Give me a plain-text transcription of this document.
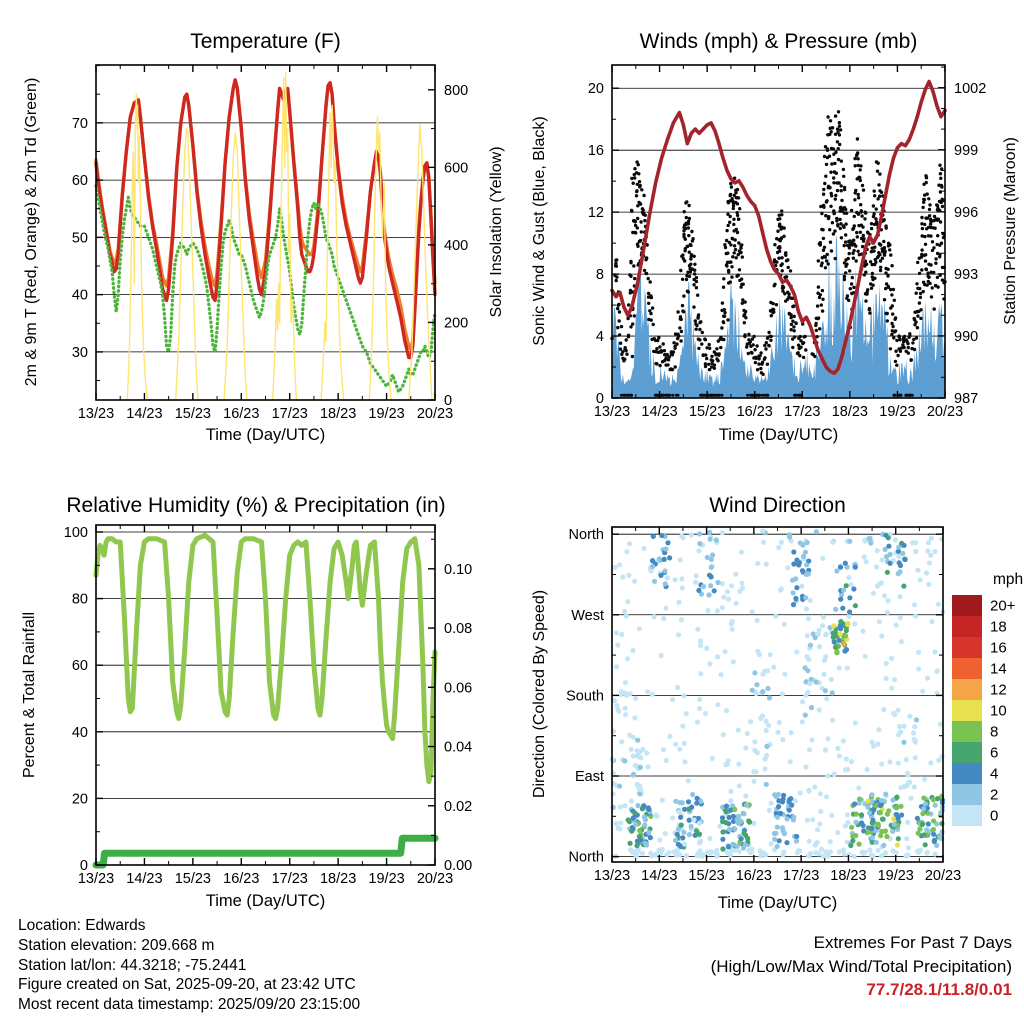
Temperature (F)
2m & 9m T (Red, Orange) & 2m Td (Green)	Solar Insolation (Yellow)
Time (Day/UTC)
13/23 14/23 15/23 16/23 17/23 18/23 19/23 20/23
30
40
50
60
70
0
200
400
600
800
Winds (mph) & Pressure (mb)
Sonic Wind & Gust (Blue, Black)	Station Pressure (Maroon)
Time (Day/UTC)
13/23 14/23 15/23 16/23 17/23 18/23 19/23 20/23
0
4
8
12
16
20
987
990
993
996
999
1002
Relative Humidity (%) & Precipitation (in)
Percent & Total Rainfall
Time (Day/UTC)
13/23 14/23 15/23 16/23 17/23 18/23 19/23 20/23
0
20
40
60
80
100
0.00
0.02
0.04
0.06
0.08
0.10
Wind Direction
Direction (Colored By Speed)
Time (Day/UTC)
13/23 14/23 15/23 16/23 17/23 18/23 19/23 20/23
North
West
South
East
North
mph
20+
18
16
14
12
10
8
6
4
2
0
Location: Edwards
Station elevation: 209.668 m
Station lat/lon: 44.3218; -75.2441
Figure created on Sat, 2025-09-20, at 23:42 UTC
Most recent data timestamp: 2025/09/20 23:15:00
Extremes For Past 7 Days
(High/Low/Max Wind/Total Precipitation)
77.7/28.1/11.8/0.01
